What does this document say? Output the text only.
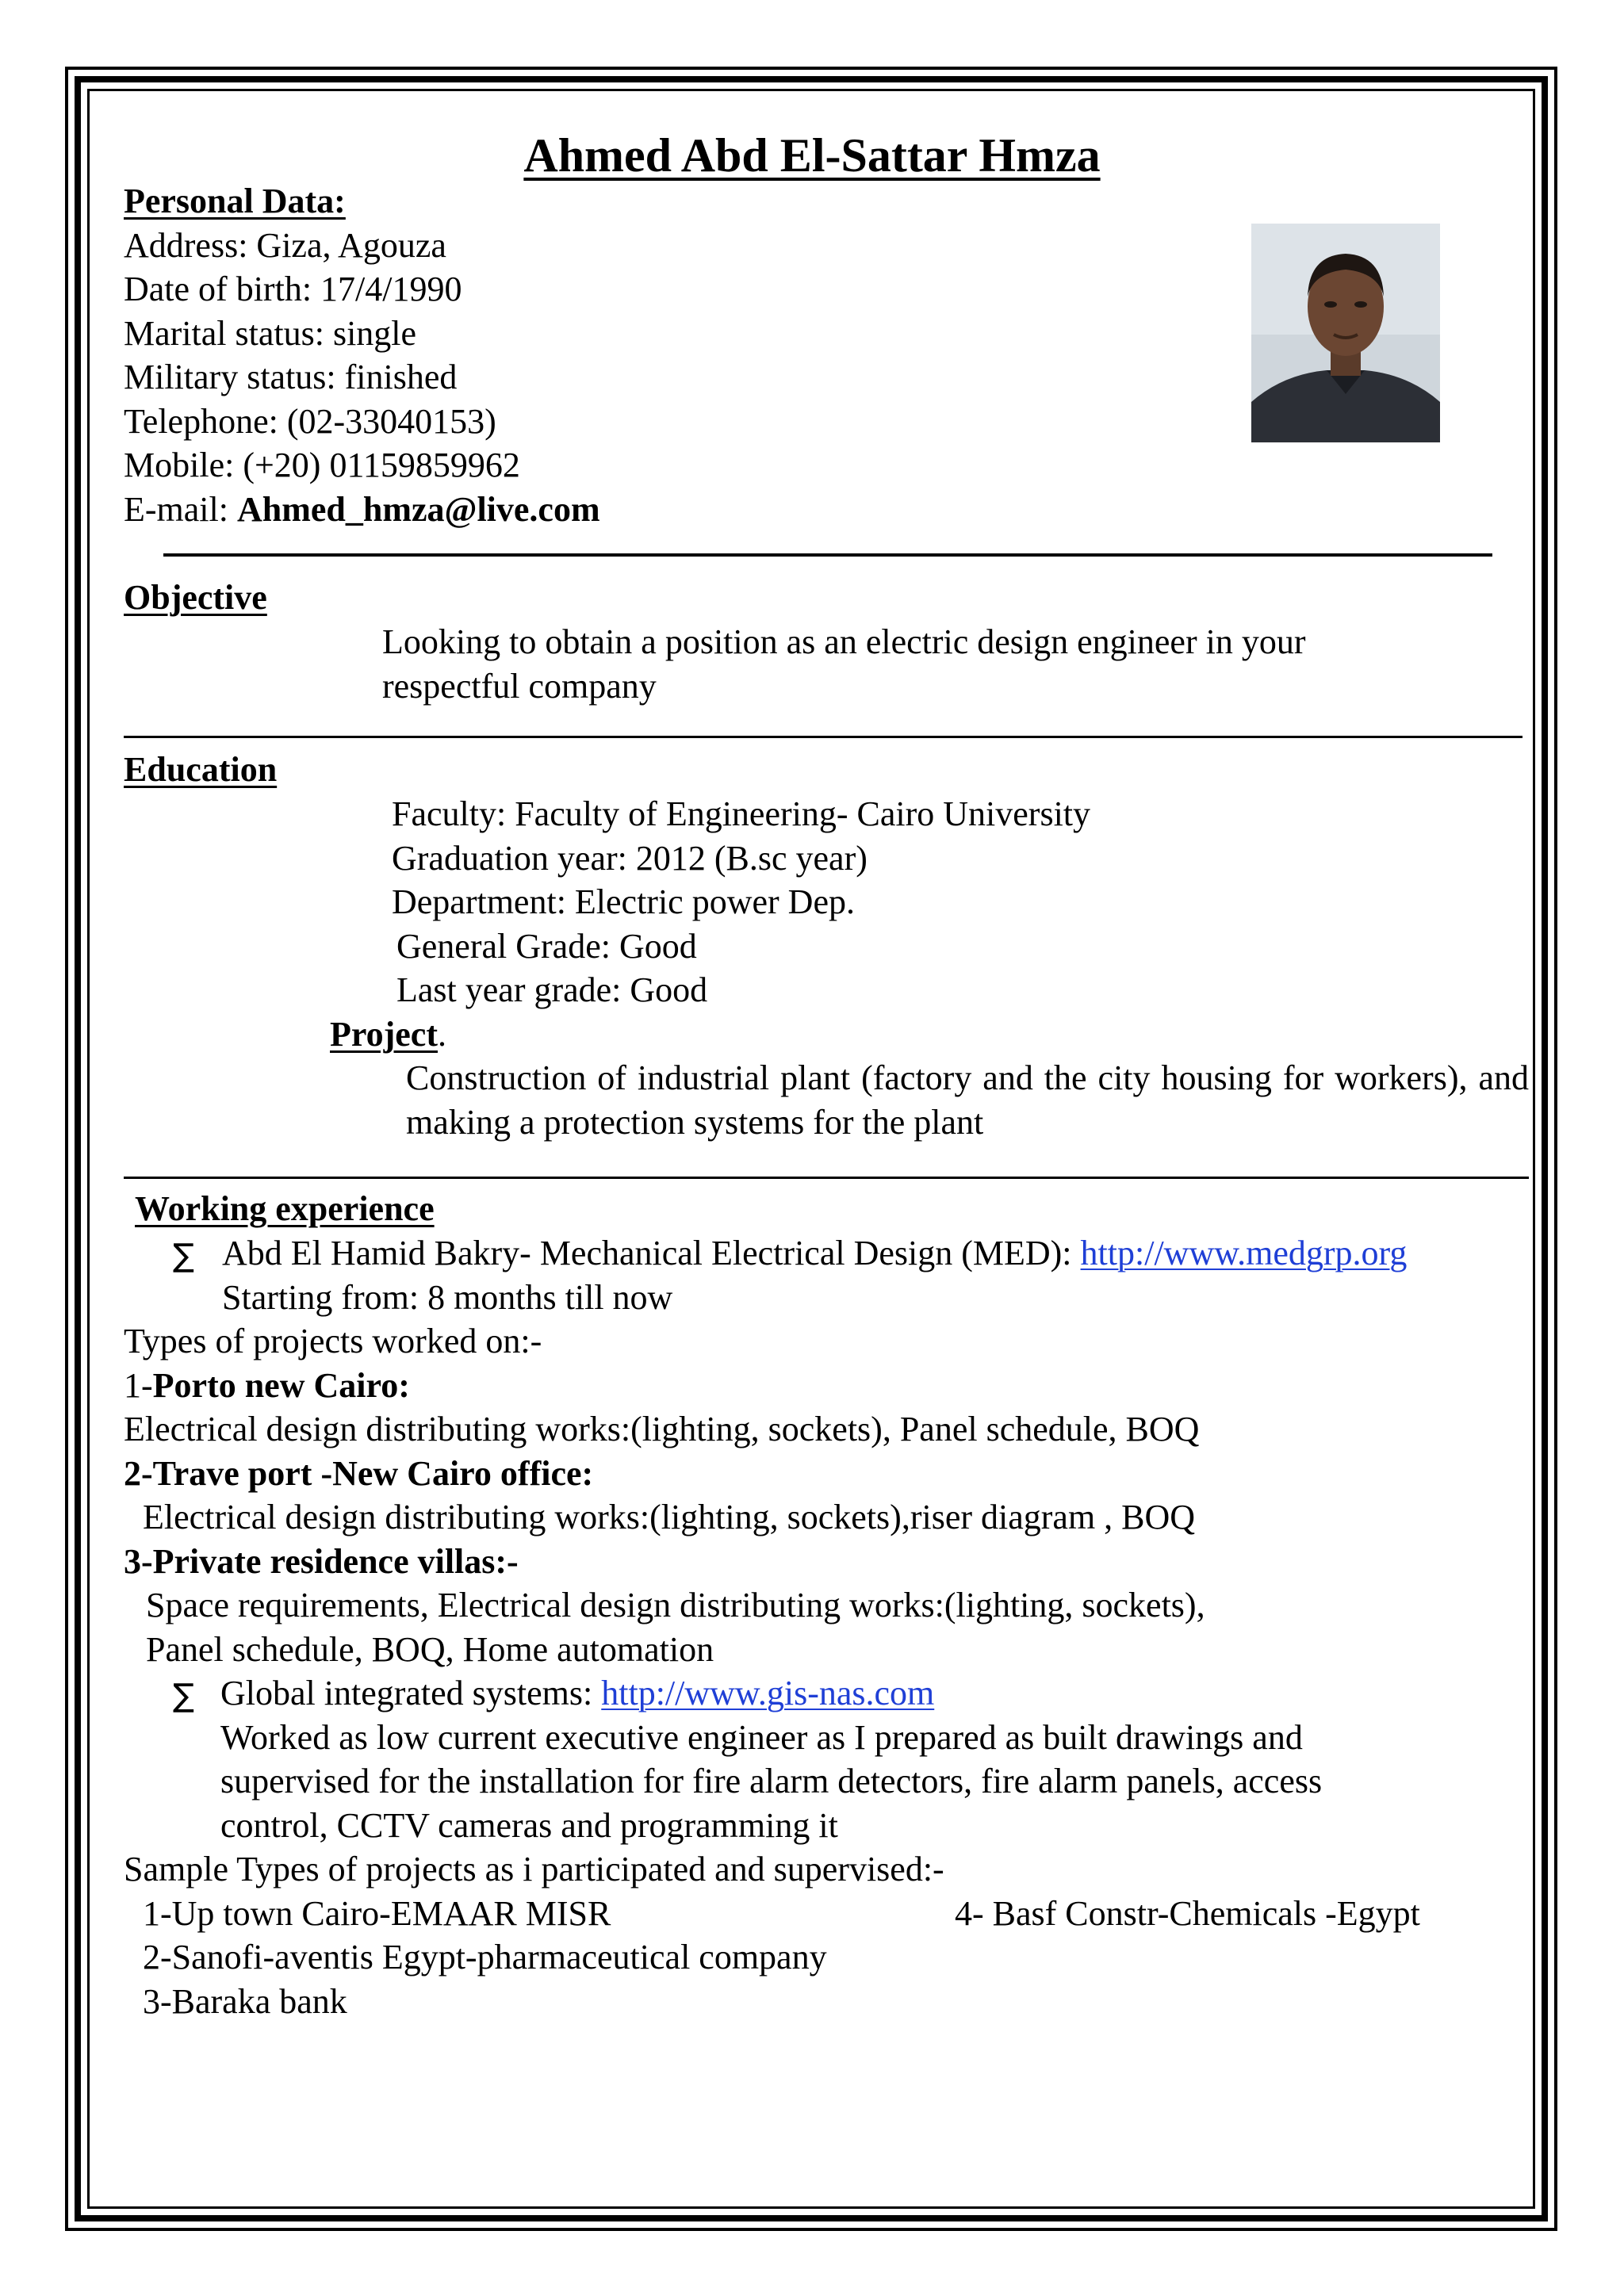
Ahmed Abd El-Sattar Hmza
Personal Data:
Address: Giza, Agouza
Date of birth: 17/4/1990
Marital status: single
Military status: finished
Telephone: (02-33040153)
Mobile: (+20) 01159859962
E-mail: Ahmed_hmza@live.com
Objective
Looking to obtain a position as an electric design engineer in your
respectful company
Education
Faculty: Faculty of Engineering- Cairo University
Graduation year: 2012 (B.sc year)
Department: Electric power Dep.
General Grade: Good
Last year grade: Good
Project.
Construction of industrial plant (factory and the city housing for workers), and making a protection systems for the plant
Working experience
∑ Abd El Hamid Bakry- Mechanical Electrical Design (MED): http://www.medgrp.org
Starting from: 8 months till now
Types of projects worked on:-
1-Porto new Cairo:
Electrical design distributing works:(lighting, sockets), Panel schedule, BOQ
2-Trave port -New Cairo office:
Electrical design distributing works:(lighting, sockets),riser diagram , BOQ
3-Private residence villas:-
Space requirements, Electrical design distributing works:(lighting, sockets),
Panel schedule, BOQ, Home automation
∑ Global integrated systems: http://www.gis-nas.com
Worked as low current executive engineer as I prepared as built drawings and
supervised for the installation for fire alarm detectors, fire alarm panels, access
control, CCTV cameras and programming it
Sample Types of projects as i participated and supervised:-
1-Up town Cairo-EMAAR MISR	4- Basf Constr-Chemicals -Egypt
2-Sanofi-aventis Egypt-pharmaceutical company
3-Baraka bank
